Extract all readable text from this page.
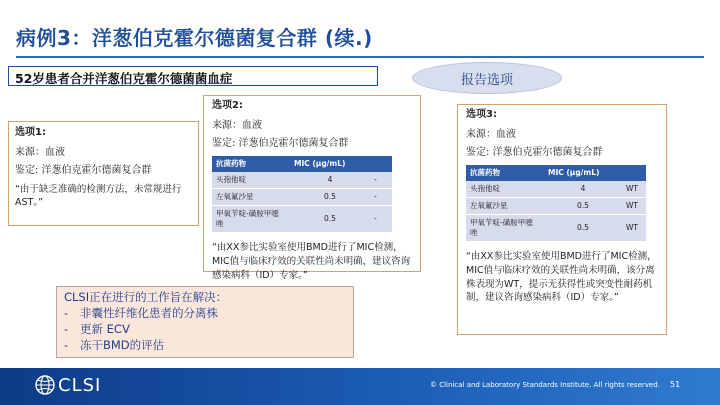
病例3：洋葱伯克霍尔德菌复合群 (续.)
52岁患者合并洋葱伯克霍尔德菌菌血症	报告选项
选项1:
来源：血液
鉴定: 洋葱伯克霍尔德菌复合群
“由于缺乏准确的检测方法，未常规进行AST。”
选项2:
来源：血液
鉴定: 洋葱伯克霍尔德菌复合群
抗菌药物	MIC (μg/mL)	
头孢他啶	4	-
左氧氟沙星	0.5	-
甲氧苄啶-磺胺甲噁唑	0.5	-
“由XX参比实验室使用BMD进行了MIC检测，MIC值与临床疗效的关联性尚未明确，建议咨询感染病科（ID）专家。”
选项3:
来源：血液
鉴定: 洋葱伯克霍尔德菌复合群
抗菌药物	MIC (μg/mL)	
头孢他啶	4	WT
左氧氟沙星	0.5	WT
甲氧苄啶-磺胺甲噁唑	0.5	WT
“由XX参比实验室使用BMD进行了MIC检测，MIC值与临床疗效的关联性尚未明确，该分离株表现为WT，提示无获得性或突变性耐药机制，建议咨询感染病科（ID）专家。”
CLSI正在进行的工作旨在解决：
- 非囊性纤维化患者的分离株
- 更新 ECV
- 冻干BMD的评估
CLSI	© Clinical and Laboratory Standards Institute. All rights reserved. 51
